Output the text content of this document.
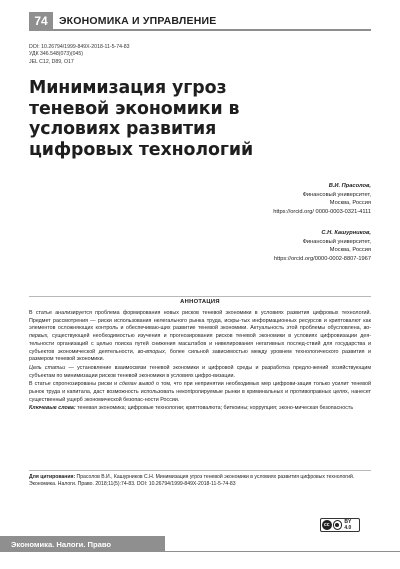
74	ЭКОНОМИКА И УПРАВЛЕНИЕ
DOI: 10.26794/1999-849X-2018-11-5-74-83
УДК 346.548(073)(045)
JEL C12, D89, O17
Минимизация угроз теневой экономики в условиях развития цифровых технологий
В.И. Прасолов,
Финансовый университет,
Москва, Россия
https://orcid.org/ 0000-0003-0321-4111
С.Н. Кашурников,
Финансовый университет,
Москва, Россия
https://orcid.org/0000-0002-8807-1967
АННОТАЦИЯ

В статье анализируется проблема формирования новых рисков теневой экономики в условиях развития цифровых технологий. Предмет рассмотрения — риски использования нелегального рынка труда, искры-тых информационных ресурсов и криптовалют как элементов осложняющих контроль и обеспечиваю-щих развитие теневой экономики. Актуальность этой проблемы обусловлена, во-первых, существующей необходимостью изучения и прогнозирования рисков теневой экономики в условиях цифровизации дея-тельности организаций с целью поиска путей снижения масштабов и нивелирования негативных послед-ствий для государства и субъектов экономической деятельности, во-вторых, более сильной зависимостью между уровнем технологического развития и размером теневой экономики.

Цель статьи — установление взаимосвязи теневой экономики и цифровой среды и разработка предло-жений хозяйствующим субъектам по минимизации рисков теневой экономики в условиях цифро-визации.

В статье спрогнозированы риски и сделан вывод о том, что при непринятии необходимых мер цифрови-зация только усилит теневой рынок труда и капитала, даст возможность использовать некontролируемые рынки в криминальных и противоправных целях, нанесет существенный ущерб экономической безопас-ности России.

Ключевые слова: теневая экономика; цифровые технологии; криптовалюта; биткоины; коррупция; эконо-мическая безопасность

Для цитирования: Прасолов В.И., Кашурников С.Н. Минимизация угроз теневой экономики в условиях развития цифровых технологий. Экономика. Налоги. Право. 2018;11(5):74-83. DOI: 10.26794/1999-849X-2018-11-5-74-83
cc	BY 4.0
Экономика. Налоги. Право
